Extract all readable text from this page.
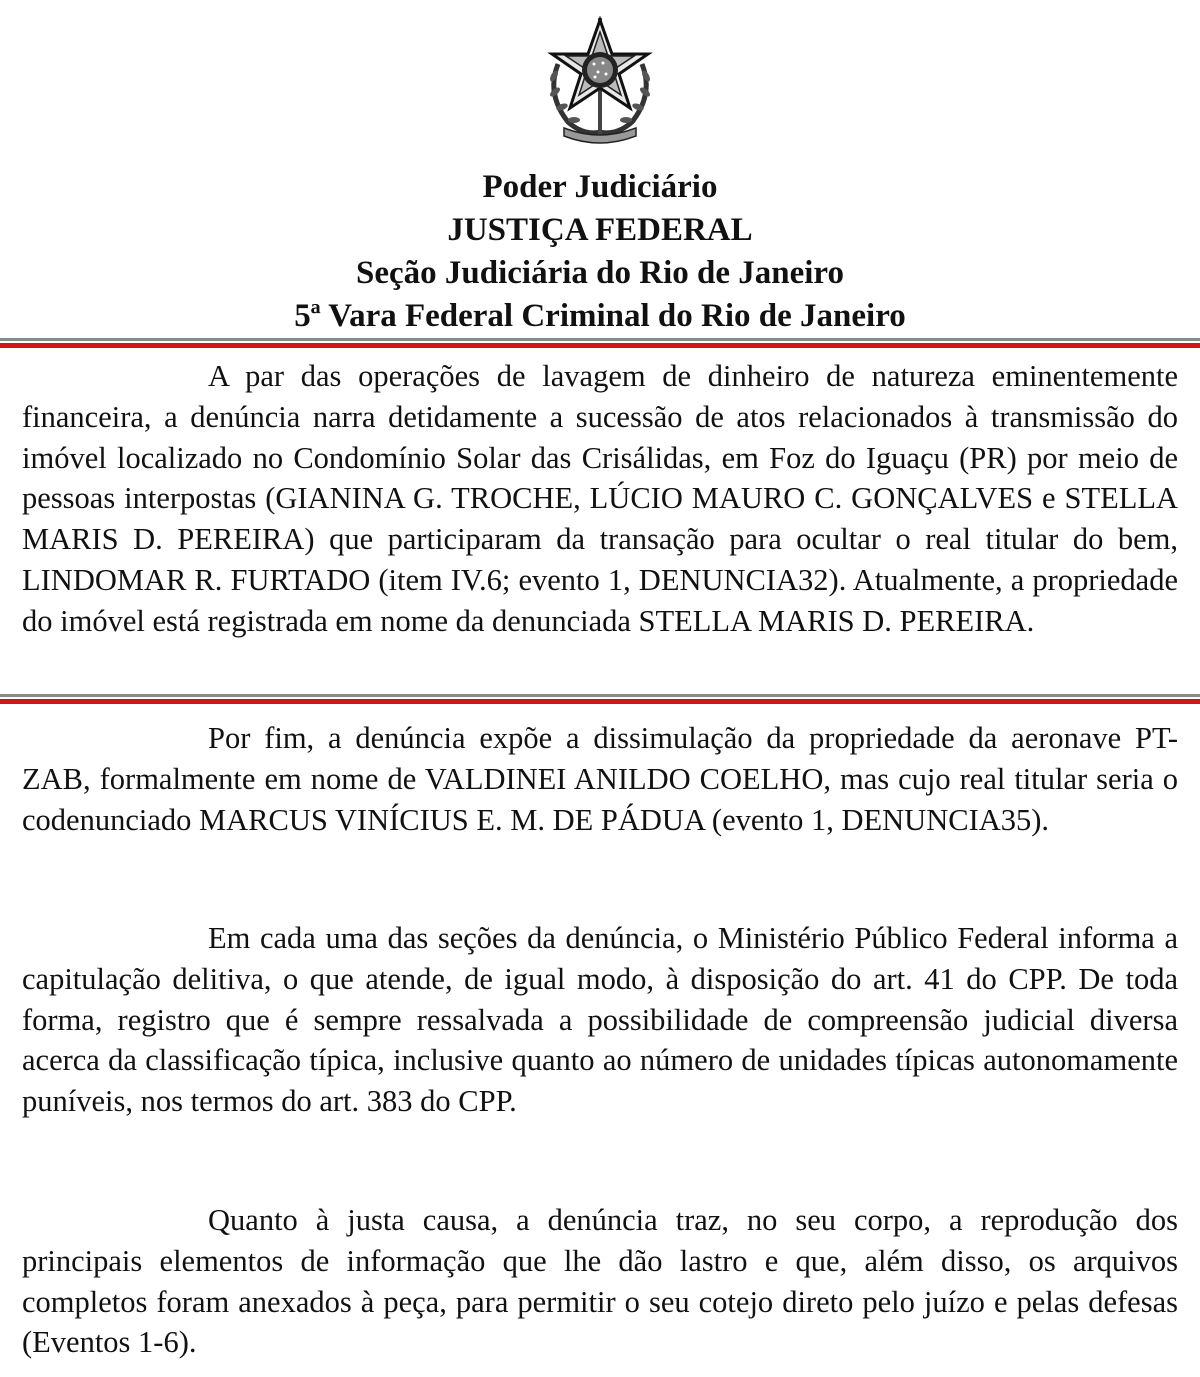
Poder Judiciário
JUSTIÇA FEDERAL
Seção Judiciária do Rio de Janeiro
5ª Vara Federal Criminal do Rio de Janeiro

A par das operações de lavagem de dinheiro de natureza eminentemente financeira, a denúncia narra detidamente a sucessão de atos relacionados à transmissão do imóvel localizado no Condomínio Solar das Crisálidas, em Foz do Iguaçu (PR) por meio de pessoas interpostas (GIANINA G. TROCHE, LÚCIO MAURO C. GONÇALVES e STELLA MARIS D. PEREIRA) que participaram da transação para ocultar o real titular do bem, LINDOMAR R. FURTADO (item IV.6; evento 1, DENUNCIA32). Atualmente, a propriedade do imóvel está registrada em nome da denunciada STELLA MARIS D. PEREIRA.

Por fim, a denúncia expõe a dissimulação da propriedade da aeronave PT-ZAB, formalmente em nome de VALDINEI ANILDO COELHO, mas cujo real titular seria o codenunciado MARCUS VINÍCIUS E. M. DE PÁDUA (evento 1, DENUNCIA35).

Em cada uma das seções da denúncia, o Ministério Público Federal informa a capitulação delitiva, o que atende, de igual modo, à disposição do art. 41 do CPP. De toda forma, registro que é sempre ressalvada a possibilidade de compreensão judicial diversa acerca da classificação típica, inclusive quanto ao número de unidades típicas autonomamente puníveis, nos termos do art. 383 do CPP.

Quanto à justa causa, a denúncia traz, no seu corpo, a reprodução dos principais elementos de informação que lhe dão lastro e que, além disso, os arquivos completos foram anexados à peça, para permitir o seu cotejo direto pelo juízo e pelas defesas (Eventos 1-6).
